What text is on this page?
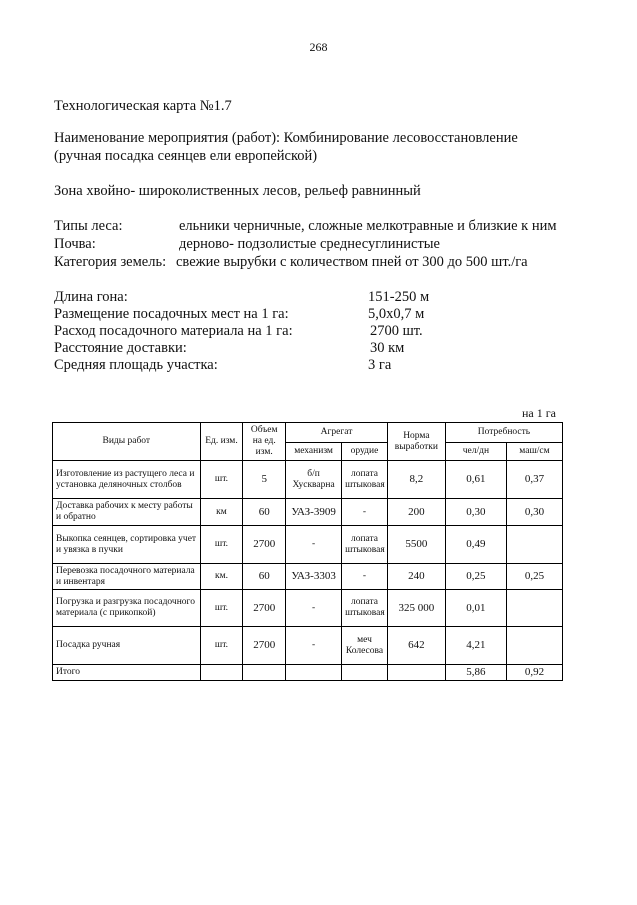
268
Технологическая карта №1.7
Наименование мероприятия (работ): Комбинирование лесовосстановление
(ручная посадка сеянцев ели европейской)
Зона хвойно- широколиственных лесов, рельеф равнинный
Типы леса:	ельники черничные, сложные мелкотравные и близкие к ним
Почва:	дерново- подзолистые среднесуглинистые
Категория земель: свежие вырубки с количеством пней от 300 до 500 шт./га
Длина гона:	151-250 м
Размещение посадочных мест на 1 га:	5,0х0,7 м
Расход посадочного материала на 1 га:	2700 шт.
Расстояние доставки:	30 км
Средняя площадь участка:	3 га
на 1 га
Виды работ	Ед. изм.	Объем на ед. изм.	Агрегат		Норма выработки	Потребность	
			механизм	орудие		чел/дн	маш/см
Изготовление из растущего леса и установка деляночных столбов	шт.	5	б/п Хускварна	лопата штыковая	8,2	0,61	0,37
Доставка рабочих к месту работы и обратно	км	60	УАЗ-3909	-	200	0,30	0,30
Выкопка сеянцев, сортировка учет и увязка в пучки	шт.	2700	-	лопата штыковая	5500	0,49	
Перевозка посадочного материала и инвентаря	км.	60	УАЗ-3303	-	240	0,25	0,25
Погрузка и разгрузка посадочного материала (с прикопкой)	шт.	2700	-	лопата штыковая	325 000	0,01	
Посадка ручная	шт.	2700	-	меч Колесова	642	4,21	
Итого						5,86	0,92
